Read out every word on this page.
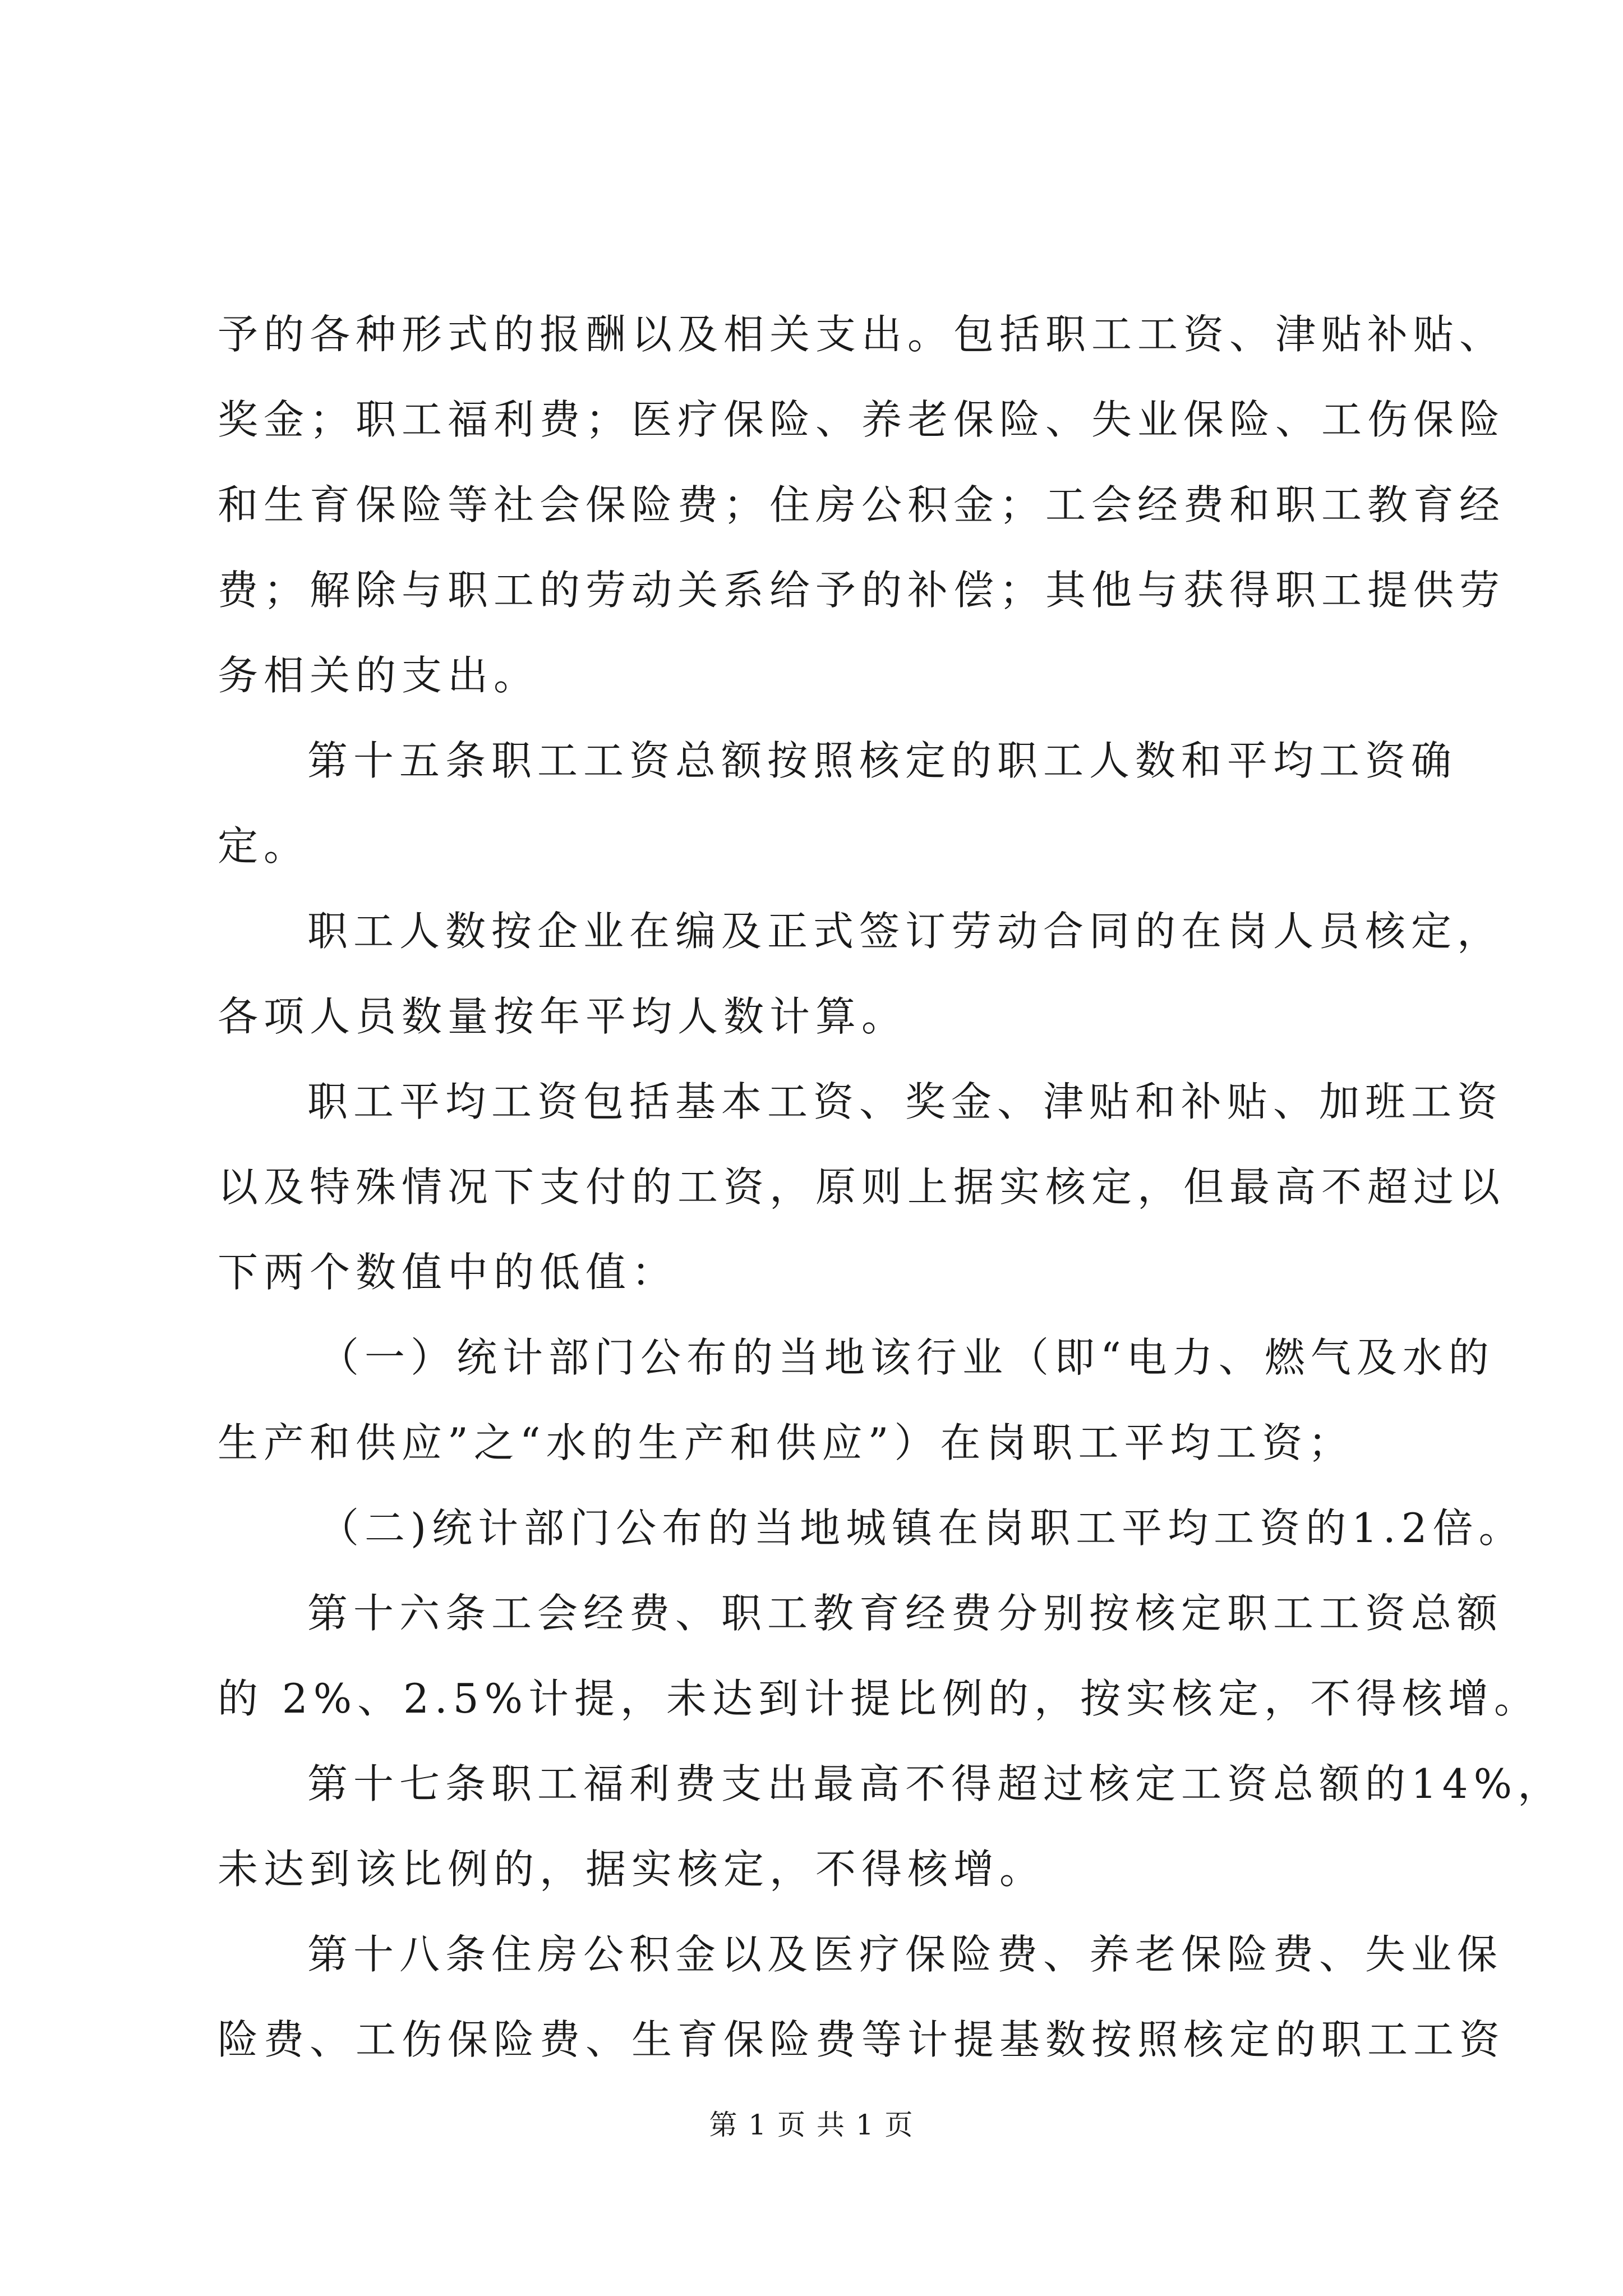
予的各种形式的报酬以及相关支出。包括职工工资、津贴补贴、
奖金；职工福利费；医疗保险、养老保险、失业保险、工伤保险
和生育保险等社会保险费；住房公积金；工会经费和职工教育经
费；解除与职工的劳动关系给予的补偿；其他与获得职工提供劳
务相关的支出。
第十五条职工工资总额按照核定的职工人数和平均工资确
定。
职工人数按企业在编及正式签订劳动合同的在岗人员核定，
各项人员数量按年平均人数计算。
职工平均工资包括基本工资、奖金、津贴和补贴、加班工资
以及特殊情况下支付的工资，原则上据实核定，但最高不超过以
下两个数值中的低值：
（一）统计部门公布的当地该行业（即“电力、燃气及水的
生产和供应”之“水的生产和供应”）在岗职工平均工资；
（二)统计部门公布的当地城镇在岗职工平均工资的1.2倍。
第十六条工会经费、职工教育经费分别按核定职工工资总额
的 2%、2.5%计提，未达到计提比例的，按实核定，不得核增。
第十七条职工福利费支出最高不得超过核定工资总额的14%，
未达到该比例的，据实核定，不得核增。
第十八条住房公积金以及医疗保险费、养老保险费、失业保
险费、工伤保险费、生育保险费等计提基数按照核定的职工工资
第 1 页 共 1 页
